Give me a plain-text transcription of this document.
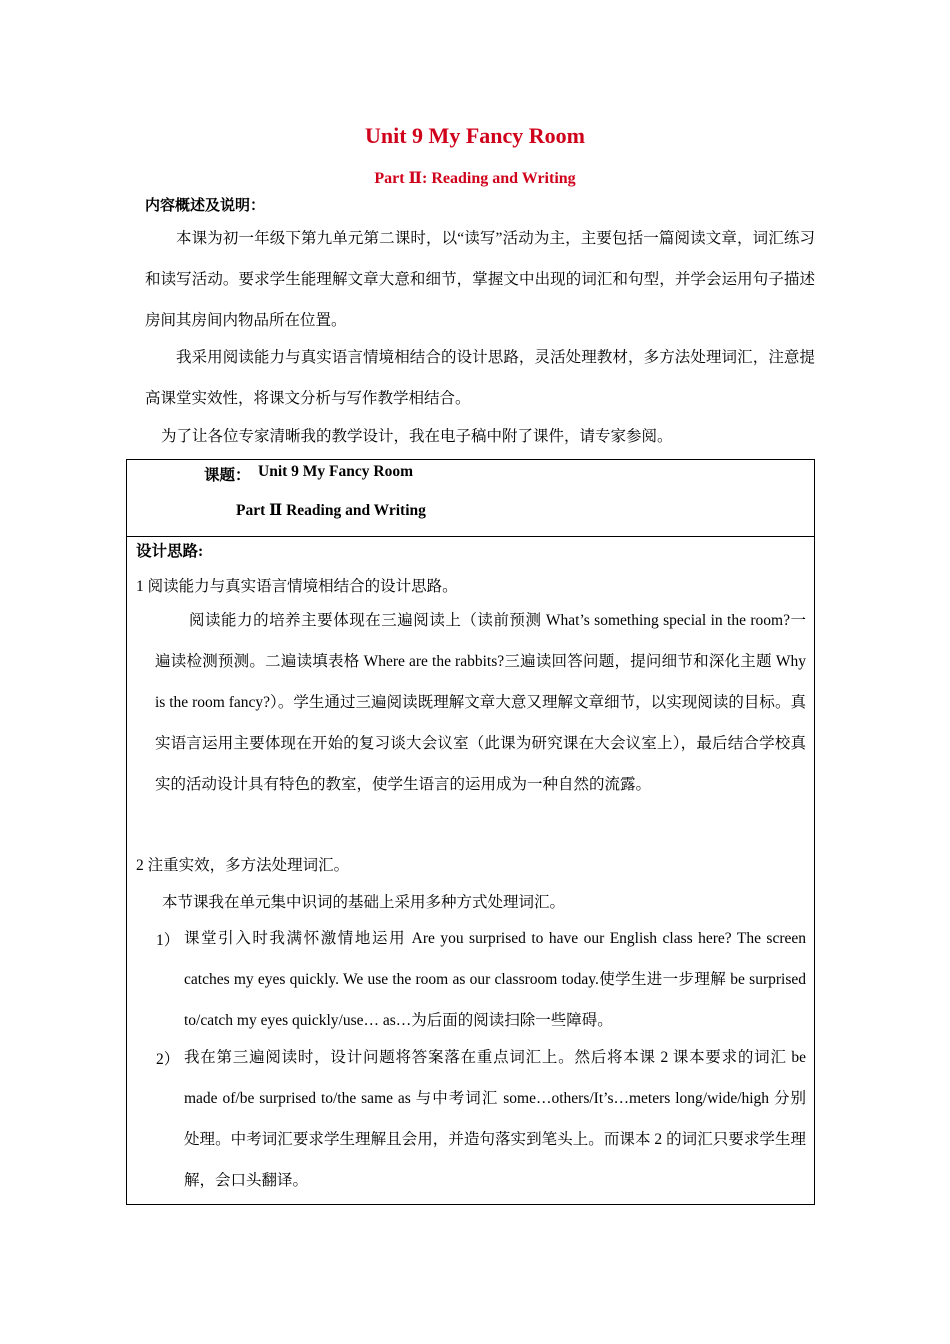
Unit 9 My Fancy Room
Part Ⅱ: Reading and Writing
内容概述及说明：
本课为初一年级下第九单元第二课时，以“读写”活动为主，主要包括一篇阅读文章，词汇练习和读写活动。要求学生能理解文章大意和细节，掌握文中出现的词汇和句型，并学会运用句子描述房间其房间内物品所在位置。
我采用阅读能力与真实语言情境相结合的设计思路，灵活处理教材，多方法处理词汇，注意提高课堂实效性，将课文分析与写作教学相结合。
为了让各位专家清晰我的教学设计，我在电子稿中附了课件，请专家参阅。
课题： Unit 9 My Fancy Room
Part Ⅱ Reading and Writing
设计思路:
1 阅读能力与真实语言情境相结合的设计思路。
阅读能力的培养主要体现在三遍阅读上（读前预测 What’s something special in the room?一遍读检测预测。二遍读填表格 Where are the rabbits?三遍读回答问题，提问细节和深化主题 Why is the room fancy?）。学生通过三遍阅读既理解文章大意又理解文章细节，以实现阅读的目标。真实语言运用主要体现在开始的复习谈大会议室（此课为研究课在大会议室上），最后结合学校真实的活动设计具有特色的教室，使学生语言的运用成为一种自然的流露。
2 注重实效，多方法处理词汇。
本节课我在单元集中识词的基础上采用多种方式处理词汇。
1） 课堂引入时我满怀激情地运用 Are you surprised to have our English class here? The screen catches my eyes quickly. We use the room as our classroom today.使学生进一步理解 be surprised to/catch my eyes quickly/use… as…为后面的阅读扫除一些障碍。
2） 我在第三遍阅读时，设计问题将答案落在重点词汇上。然后将本课 2 课本要求的词汇 be made of/be surprised to/the same as 与中考词汇 some…others/It’s…meters long/wide/high 分别处理。中考词汇要求学生理解且会用，并造句落实到笔头上。而课本 2 的词汇只要求学生理解，会口头翻译。
